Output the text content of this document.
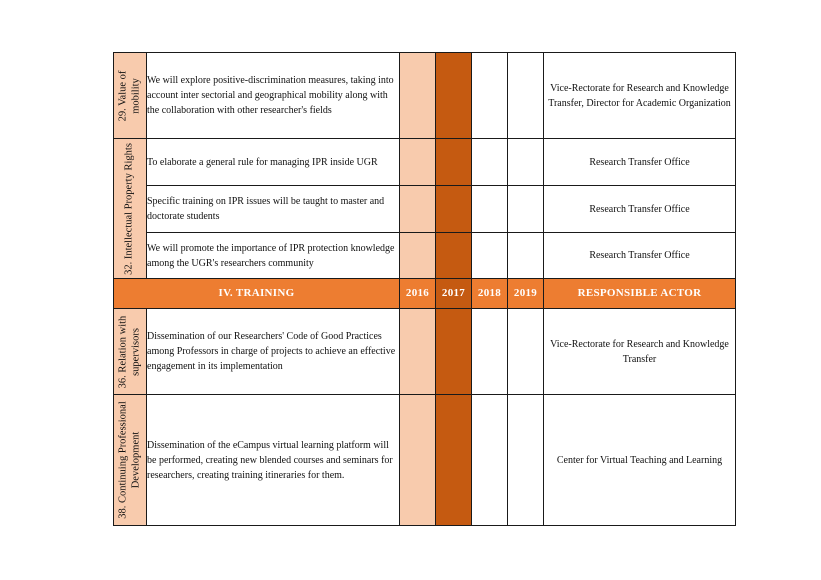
29. Value of mobility	We will explore positive-discrimination measures, taking into account inter sectorial and geographical mobility along with the collaboration with other researcher's fields					Vice-Rectorate for Research and Knowledge Transfer, Director for Academic Organization

32. Intellectual Property Rights	To elaborate a general rule for managing IPR inside UGR					Research Transfer Office
	Specific training on IPR issues will be taught to master and doctorate students					Research Transfer Office
	We will promote the importance of IPR protection knowledge among the UGR's researchers community					Research Transfer Office
IV. TRAINING		2016	2017	2018	2019	RESPONSIBLE ACTOR

36. Relation with supervisors	Dissemination of our Researchers' Code of Good Practices among Professors in charge of projects to achieve an effective engagement in its implementation					Vice-Rectorate for Research and Knowledge Transfer

38. Continuing Professional Development	Dissemination of the eCampus virtual learning platform will be performed, creating new blended courses and seminars for researchers, creating training itineraries for them.					Center for Virtual Teaching and Learning
